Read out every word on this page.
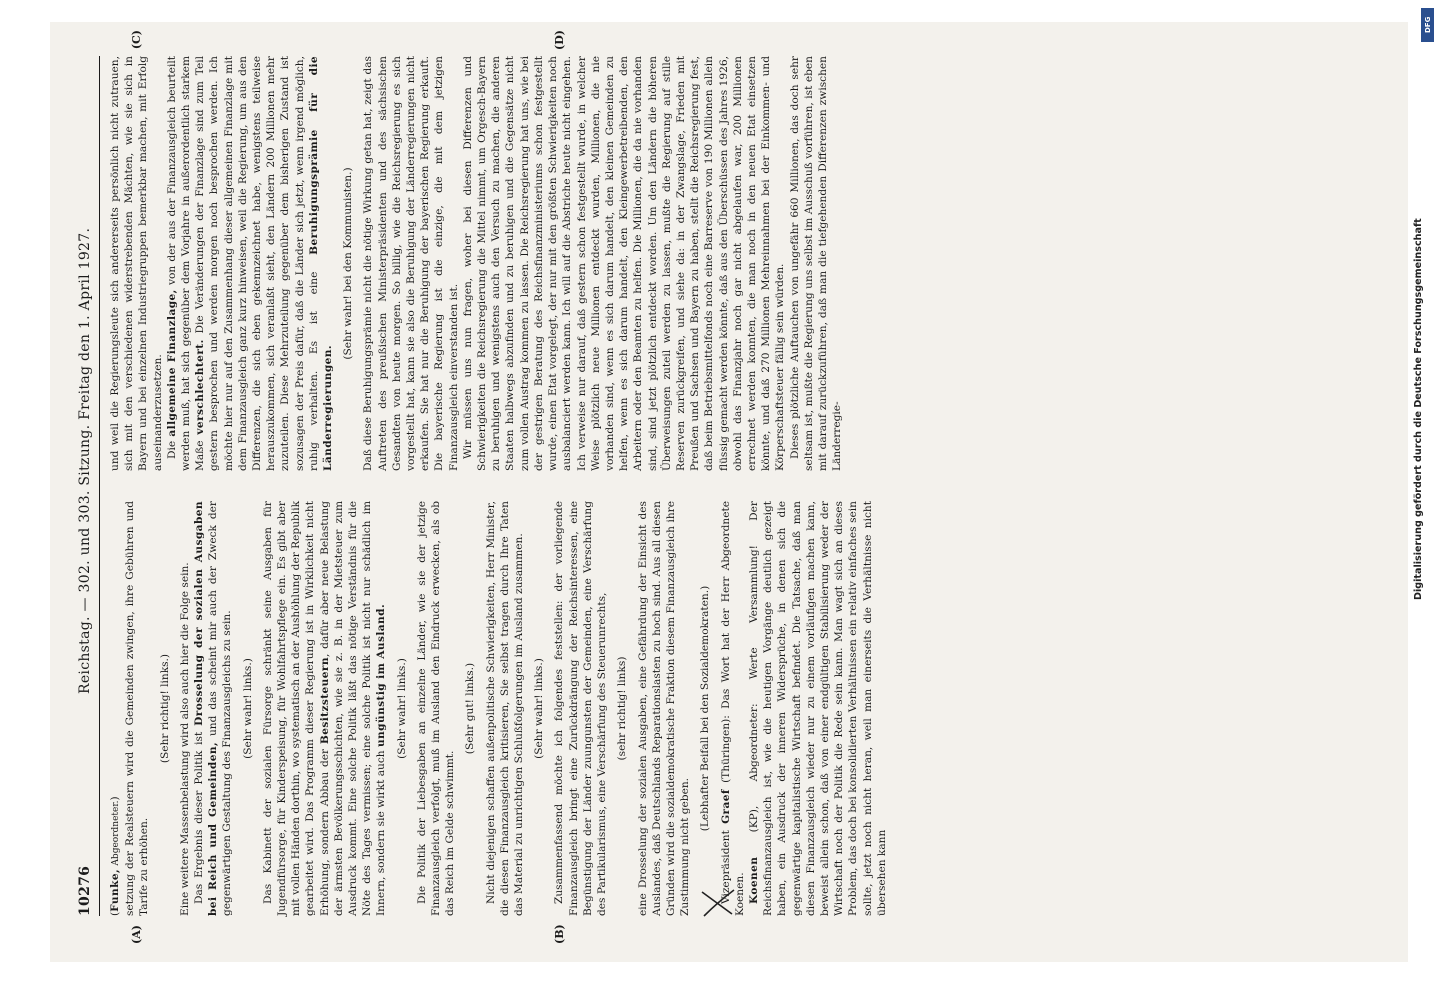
10276
Reichstag. — 302. und 303. Sitzung. Freitag den 1. April 1927.
(A)	(B)

(Funke, Abgeordneter.) setzung der Realsteuern wird die Gemeinden zwingen, ihre Gebühren und Tarife zu erhöhen.

(Sehr richtig! links.) Eine weitere Massenbelastung wird also auch hier die Folge sein. Das Ergebnis dieser Politik ist Drosselung der sozialen Ausgaben bei Reich und Gemeinden, und das scheint mir auch der Zweck der gegenwärtigen Gestaltung des Finanzausgleichs zu sein. (Sehr wahr! links.) Das Kabinett der sozialen Fürsorge schränkt seine Ausgaben für Jugendfürsorge, für Kinderspeisung, für Wohlfahrtspflege ein. Es gibt aber mit vollen Händen dorthin, wo systematisch an der Aushöhlung der Republik gearbeitet wird. Das Programm dieser Regierung ist in Wirklichkeit nicht Erhöhung, sondern Abbau der Besitzsteuern, dafür aber neue Belastung der ärmsten Bevölkerungsschichten, wie sie z. B. in der Mietsteuer zum Ausdruck kommt. Eine solche Politik läßt das nötige Verständnis für die Nöte des Tages vermissen; eine solche Politik ist nicht nur schädlich im Innern, sondern sie wirkt auch ungünstig im Ausland. (Sehr wahr! links.) Die Politik der Liebesgaben an einzelne Länder, wie sie der jetzige Finanzausgleich verfolgt, muß im Ausland den Eindruck erwecken, als ob das Reich im Gelde schwimmt.

(Sehr gut! links.) Nicht diejenigen schaffen außenpolitische Schwierigkeiten, Herr Minister, die diesen Finanzausgleich kritisieren, Sie selbst tragen durch Ihre Taten das Material zu unrichtigen Schlußfolgerungen im Ausland zusammen. (Sehr wahr! links.) Zusammenfassend möchte ich folgendes feststellen: der vorliegende Finanzausgleich bringt eine Zurückdrängung der Reichsinteressen, eine Begünstigung der Länder zuungunsten der Gemeinden, eine Verschärfung des Partikularismus, eine Verschärfung des Steuerunrechts, (sehr richtig! links) eine Drosselung der sozialen Ausgaben, eine Gefährdung der Einsicht des Auslandes, daß Deutschlands Reparationslasten zu hoch sind. Aus all diesen Gründen wird die sozialdemokratische Fraktion diesem Finanzausgleich ihre Zustimmung nicht geben.

(Lebhafter Beifall bei den Sozialdemokraten.)

Vizepräsident Graef (Thüringen): Das Wort hat der Herr Abgeordnete Koenen. Koenen (KP), Abgeordneter: Werte Versammlung! Der Reichsfinanzausgleich ist, wie die heutigen Vorgänge deutlich gezeigt haben, ein Ausdruck der inneren Widersprüche, in denen sich die gegenwärtige kapitalistische Wirtschaft befindet. Die Tatsache, daß man diesen Finanzausgleich wieder nur zu einem vorläufigen machen kann, beweist allein schon, daß von einer endgültigen Stabilisierung weder der Wirtschaft noch der Politik die Rede sein kann. Man wagt sich an dieses Problem, das doch bei konsolidierten Verhältnissen ein relativ einfaches sein sollte, jetzt noch nicht heran, weil man einerseits die Verhältnisse nicht übersehen kann

(C)	(D)

und weil die Regierungsleute sich andererseits persönlich nicht zutrauen, sich mit den verschiedenen widerstrebenden Mächten, wie sie sich in Bayern und bei einzelnen Industriegruppen bemerkbar machen, mit Erfolg auseinanderzusetzen. Die allgemeine Finanzlage, von der aus der Finanzausgleich beurteilt werden muß, hat sich gegenüber dem Vorjahre in außerordentlich starkem Maße verschlechtert. Die Veränderungen der Finanzlage sind zum Teil gestern besprochen und werden morgen noch besprochen werden. Ich möchte hier nur auf den Zusammenhang dieser allgemeinen Finanzlage mit dem Finanzausgleich ganz kurz hinweisen, weil die Regierung, um aus den Differenzen, die sich eben gekennzeichnet habe, wenigstens teilweise herauszukommen, sich veranlaßt sieht, den Ländern 200 Millionen mehr zuzuteilen. Diese Mehrzuteilung gegenüber dem bisherigen Zustand ist sozusagen der Preis dafür, daß die Länder sich jetzt, wenn irgend möglich, ruhig verhalten. Es ist eine Beruhigungsprämie für die Länderregierungen.

(Sehr wahr! bei den Kommunisten.) Daß diese Beruhigungsprämie nicht die nötige Wirkung getan hat, zeigt das Auftreten des preußischen Ministerpräsidenten und des sächsischen Gesandten von heute morgen. So billig, wie die Reichsregierung es sich vorgestellt hat, kann sie also die Beruhigung der Länderregierungen nicht erkaufen. Sie hat nur die Beruhigung der bayerischen Regierung erkauft. Die bayerische Regierung ist die einzige, die mit dem jetzigen Finanzausgleich einverstanden ist. Wir müssen uns nun fragen, woher bei diesen Differenzen und Schwierigkeiten die Reichsregierung die Mittel nimmt, um Orgesch-Bayern zu beruhigen und wenigstens auch den Versuch zu machen, die anderen Staaten halbwegs abzufinden und zu beruhigen und die Gegensätze nicht zum vollen Austrag kommen zu lassen. Die Reichsregierung hat uns, wie bei der gestrigen Beratung des Reichsfinanzministeriums schon festgestellt wurde, einen Etat vorgelegt, der nur mit den größten Schwierigkeiten noch ausbalanciert werden kann. Ich will auf die Abstriche heute nicht eingehen. Ich verweise nur darauf, daß gestern schon festgestellt wurde, in welcher Weise plötzlich neue Millionen entdeckt wurden, Millionen, die nie vorhanden sind, wenn es sich darum handelt, den kleinen Gemeinden zu helfen, wenn es sich darum handelt, den Kleingewerbetreibenden, den Arbeitern oder den Beamten zu helfen. Die Millionen, die da nie vorhanden sind, sind jetzt plötzlich entdeckt worden. Um den Ländern die höheren Überweisungen zuteil werden zu lassen, mußte die Regierung auf stille Reserven zurückgreifen, und siehe da: in der Zwangslage, Frieden mit Preußen und Sachsen und Bayern zu haben, stellt die Reichsregierung fest, daß beim Betriebsmittelfonds noch eine Barreserve von 190 Millionen allein flüssig gemacht werden könnte, daß aus den Überschüssen des Jahres 1926, obwohl das Finanzjahr noch gar nicht abgelaufen war, 200 Millionen errechnet werden konnten, die man noch in den neuen Etat einsetzen könnte, und daß 270 Millionen Mehreinnahmen bei der Einkommen- und Körperschaftsteuer fällig sein würden. Dieses plötzliche Auftauchen von ungefähr 660 Millionen, das doch sehr seltsam ist, mußte die Regierung uns selbst im Ausschuß vorführen, ist eben mit darauf zurückzuführen, daß man die tiefgehenden Differenzen zwischen Länderregie-

DFG
Digitalisierung gefördert durch die Deutsche Forschungsgemeinschaft
